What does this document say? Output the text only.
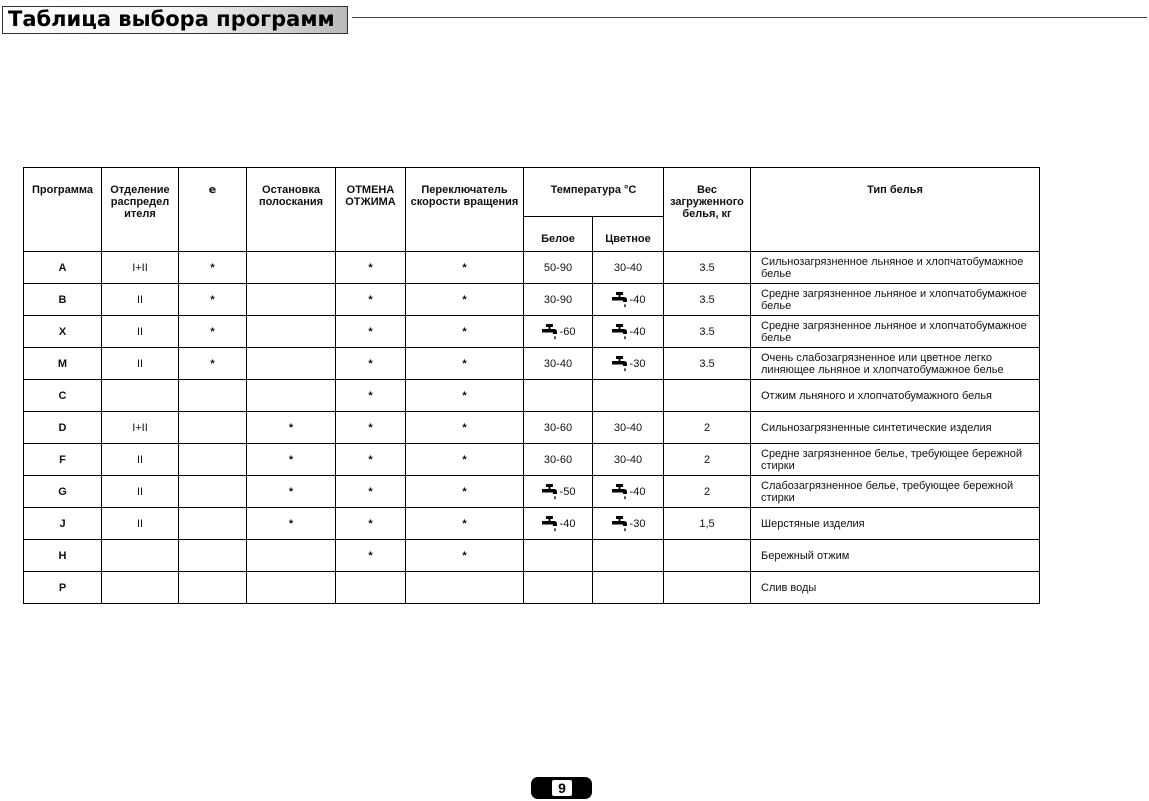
Таблица выбора программ
Программа	Отделение распредел ителя	e	Остановка полоскания	ОТМЕНА ОТЖИМА	Переключатель скорости вращения	Температура °C		Вес загруженного белья, кг	Тип белья
						Белое	Цветное		
A	I+II	*		*	*	50-90	30-40	3.5	Сильнозагрязненное льняное и хлопчатобумажное белье
B	II	*		*	*	30-90	-40	3.5	Средне загрязненное льняное и хлопчатобумажное белье
X	II	*		*	*	-60	-40	3.5	Средне загрязненное льняное и хлопчатобумажное белье
M	II	*		*	*	30-40	-30	3.5	Очень слабозагрязненное или цветное легко линяющее льняное и хлопчатобумажное белье
C				*	*				Отжим льняного и хлопчатобумажного белья
D	I+II		*	*	*	30-60	30-40	2	Сильнозагрязненные синтетические изделия
F	II		*	*	*	30-60	30-40	2	Средне загрязненное белье, требующее бережной стирки
G	II		*	*	*	-50	-40	2	Слабозагрязненное белье, требующее бережной стирки
J	II		*	*	*	-40	-30	1,5	Шерстяные изделия
H				*	*				Бережный отжим
P									Слив воды
9
